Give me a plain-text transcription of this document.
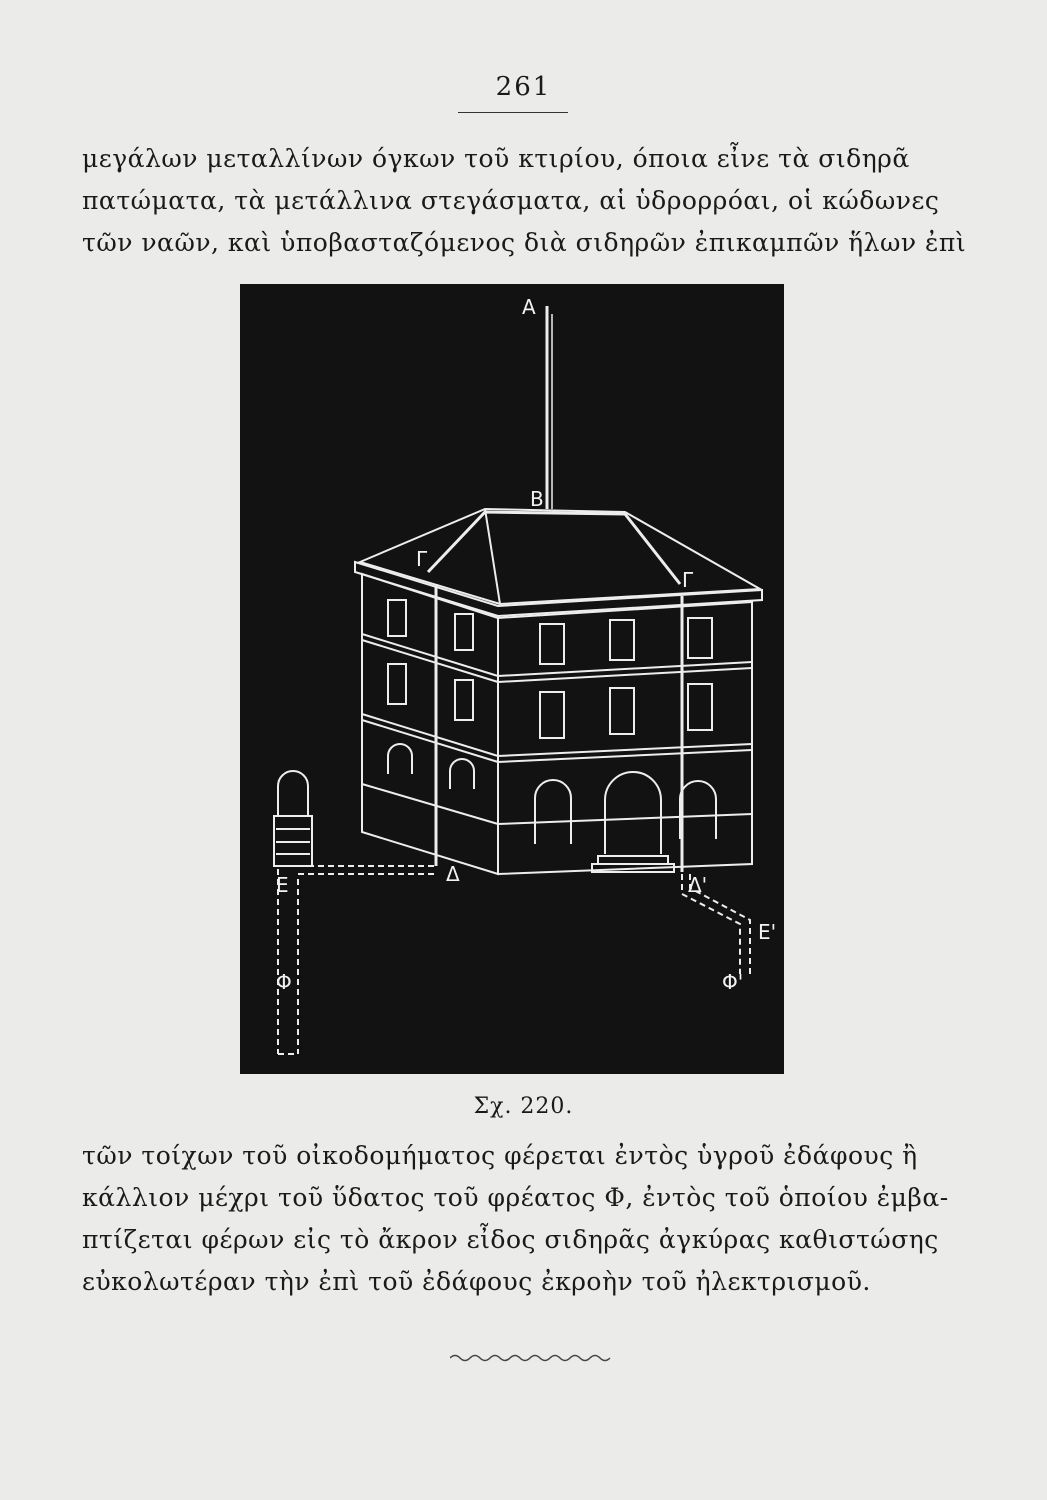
261
μεγάλων μεταλλίνων όγκων τοῦ κτιρίου, όποια εἶνε τὰ σιδηρᾶ
πατώματα, τὰ μετάλλινα στεγάσματα, αἱ ὑδρορρόαι, οἱ κώδωνες
τῶν ναῶν, καὶ ὑποβασταζόμενος διὰ σιδηρῶν ἐπικαμπῶν ἥλων ἐπὶ
A
B
Γ
Γ
Δ	Δ'
E
E'
Φ	Φ'
Σχ. 220.
τῶν τοίχων τοῦ οἰκοδομήματος φέρεται ἐντὸς ὑγροῦ ἐδάφους ἢ
κάλλιον μέχρι τοῦ ὕδατος τοῦ φρέατος Φ, ἐντὸς τοῦ ὁποίου ἐμβα-
πτίζεται φέρων εἰς τὸ ἄκρον εἶδος σιδηρᾶς ἀγκύρας καθιστώσης
εὐκολωτέραν τὴν ἐπὶ τοῦ ἐδάφους ἐκροὴν τοῦ ἠλεκτρισμοῦ.
